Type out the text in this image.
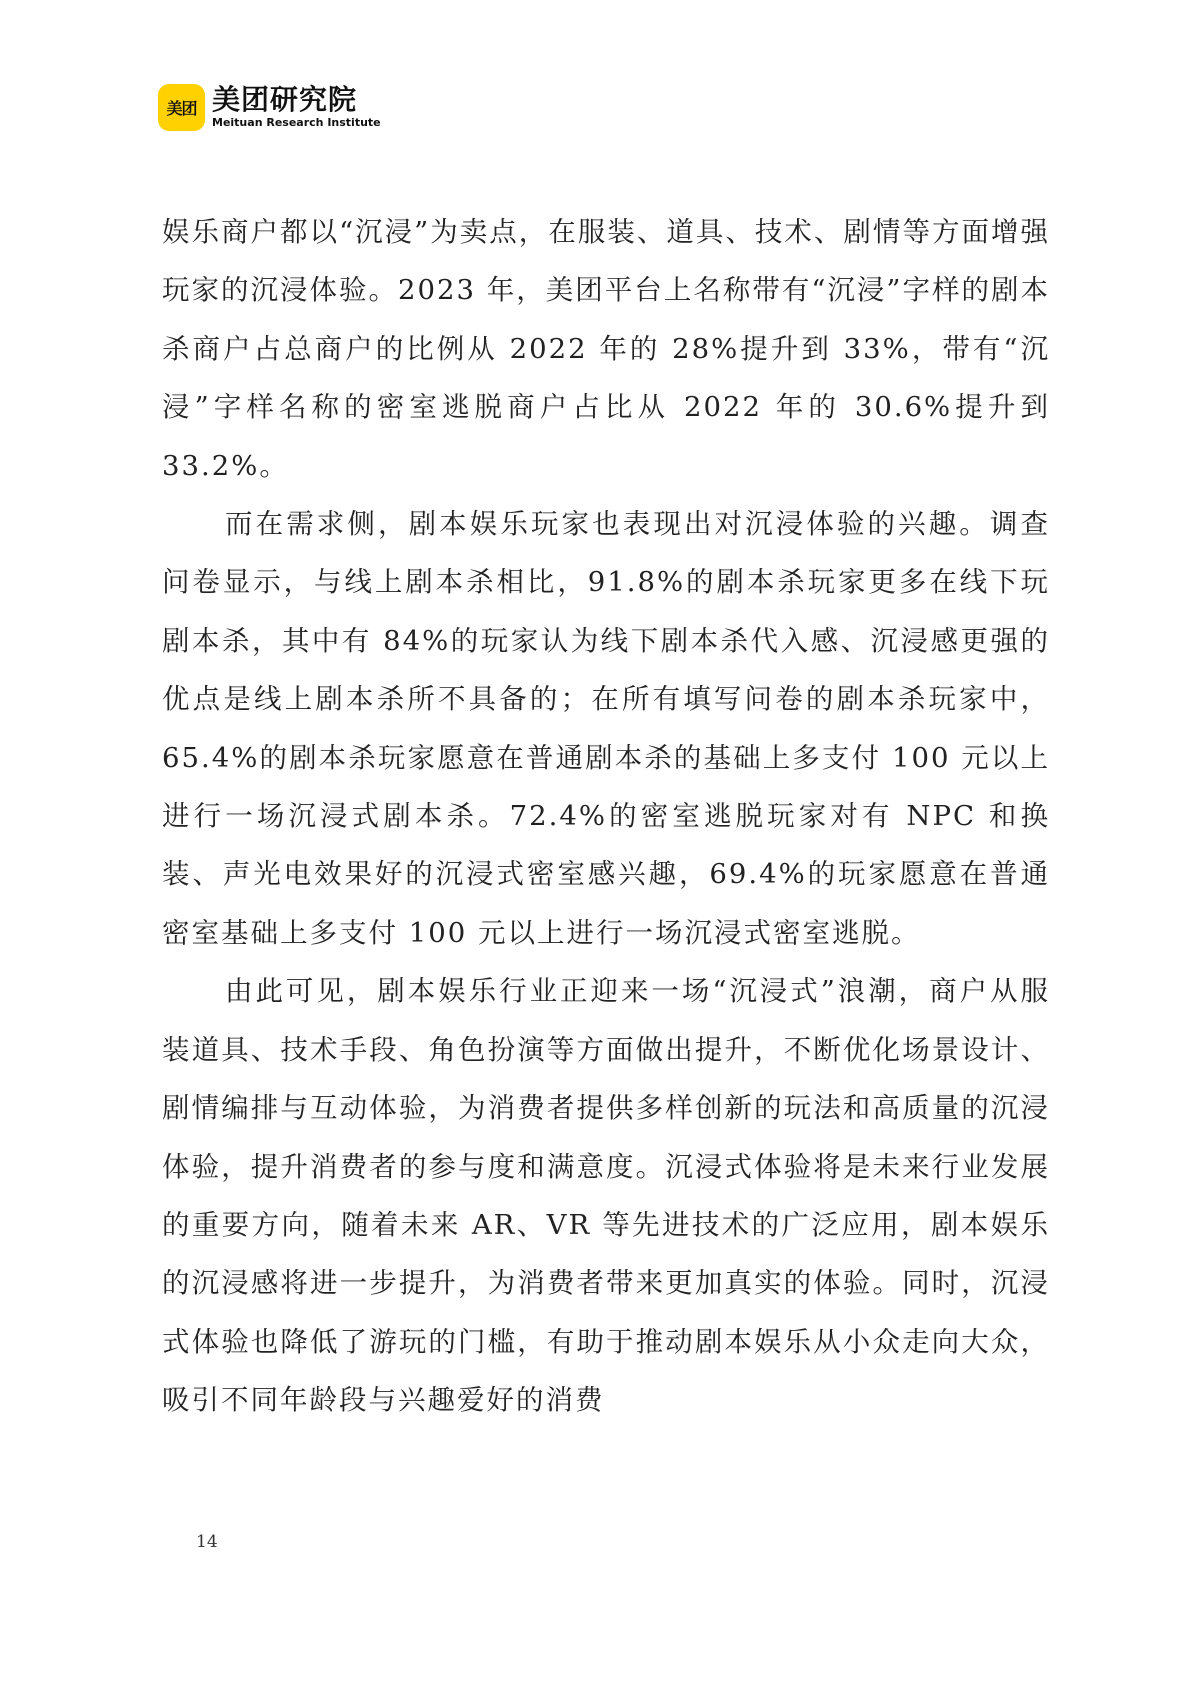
美团 美团研究院
Meituan Research Institute

娱乐商户都以“沉浸”为卖点，在服装、道具、技术、剧情等方面增强玩家的沉浸体验。2023 年，美团平台上名称带有“沉浸”字样的剧本杀商户占总商户的比例从 2022 年的 28%提升到 33%，带有“沉浸”字样名称的密室逃脱商户占比从 2022 年的 30.6%提升到 33.2%。

而在需求侧，剧本娱乐玩家也表现出对沉浸体验的兴趣。调查问卷显示，与线上剧本杀相比，91.8%的剧本杀玩家更多在线下玩剧本杀，其中有 84%的玩家认为线下剧本杀代入感、沉浸感更强的优点是线上剧本杀所不具备的；在所有填写问卷的剧本杀玩家中，65.4%的剧本杀玩家愿意在普通剧本杀的基础上多支付 100 元以上进行一场沉浸式剧本杀。72.4%的密室逃脱玩家对有 NPC 和换装、声光电效果好的沉浸式密室感兴趣，69.4%的玩家愿意在普通密室基础上多支付 100 元以上进行一场沉浸式密室逃脱。

由此可见，剧本娱乐行业正迎来一场“沉浸式”浪潮，商户从服装道具、技术手段、角色扮演等方面做出提升，不断优化场景设计、剧情编排与互动体验，为消费者提供多样创新的玩法和高质量的沉浸体验，提升消费者的参与度和满意度。沉浸式体验将是未来行业发展的重要方向，随着未来 AR、VR 等先进技术的广泛应用，剧本娱乐的沉浸感将进一步提升，为消费者带来更加真实的体验。同时，沉浸式体验也降低了游玩的门槛，有助于推动剧本娱乐从小众走向大众，吸引不同年龄段与兴趣爱好的消费

14
